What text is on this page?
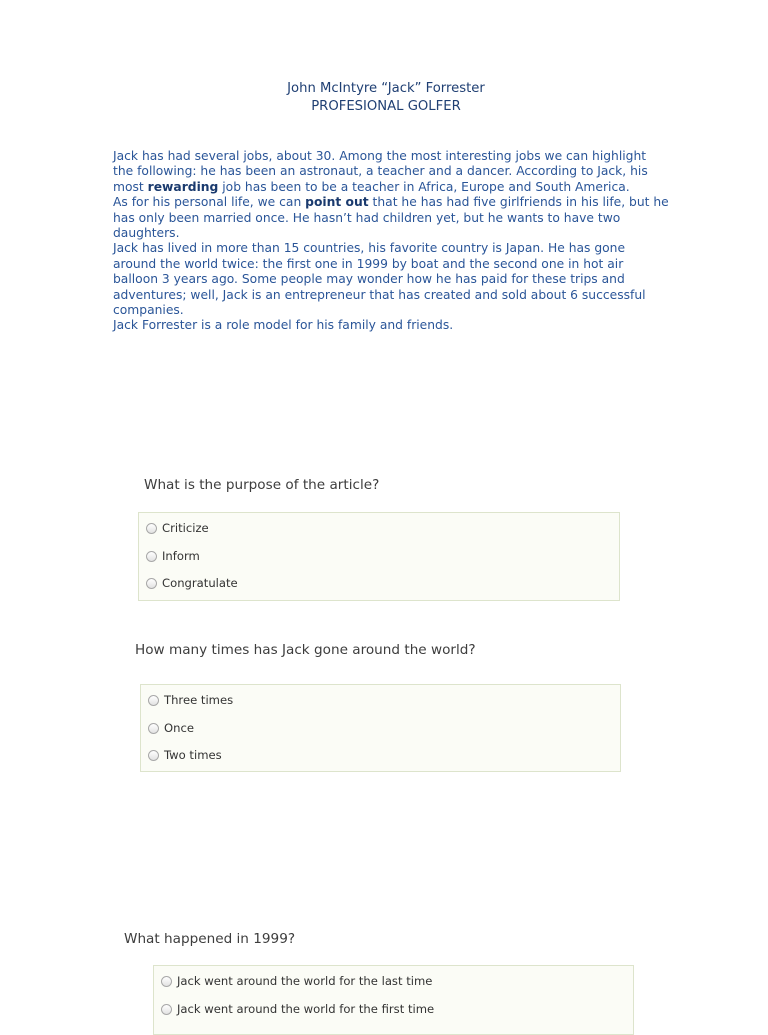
John McIntyre “Jack” Forrester
PROFESIONAL GOLFER

Jack has had several jobs, about 30. Among the most interesting jobs we can highlight the following: he has been an astronaut, a teacher and a dancer. According to Jack, his most rewarding job has been to be a teacher in Africa, Europe and South America.

As for his personal life, we can point out that he has had five girlfriends in his life, but he has only been married once. He hasn’t had children yet, but he wants to have two daughters.

Jack has lived in more than 15 countries, his favorite country is Japan. He has gone around the world twice: the first one in 1999 by boat and the second one in hot air balloon 3 years ago. Some people may wonder how he has paid for these trips and adventures; well, Jack is an entrepreneur that has created and sold about 6 successful companies.

Jack Forrester is a role model for his family and friends.

What is the purpose of the article?
Criticize
Inform
Congratulate
How many times has Jack gone around the world?
Three times
Once
Two times
What happened in 1999?
Jack went around the world for the last time
Jack went around the world for the first time
